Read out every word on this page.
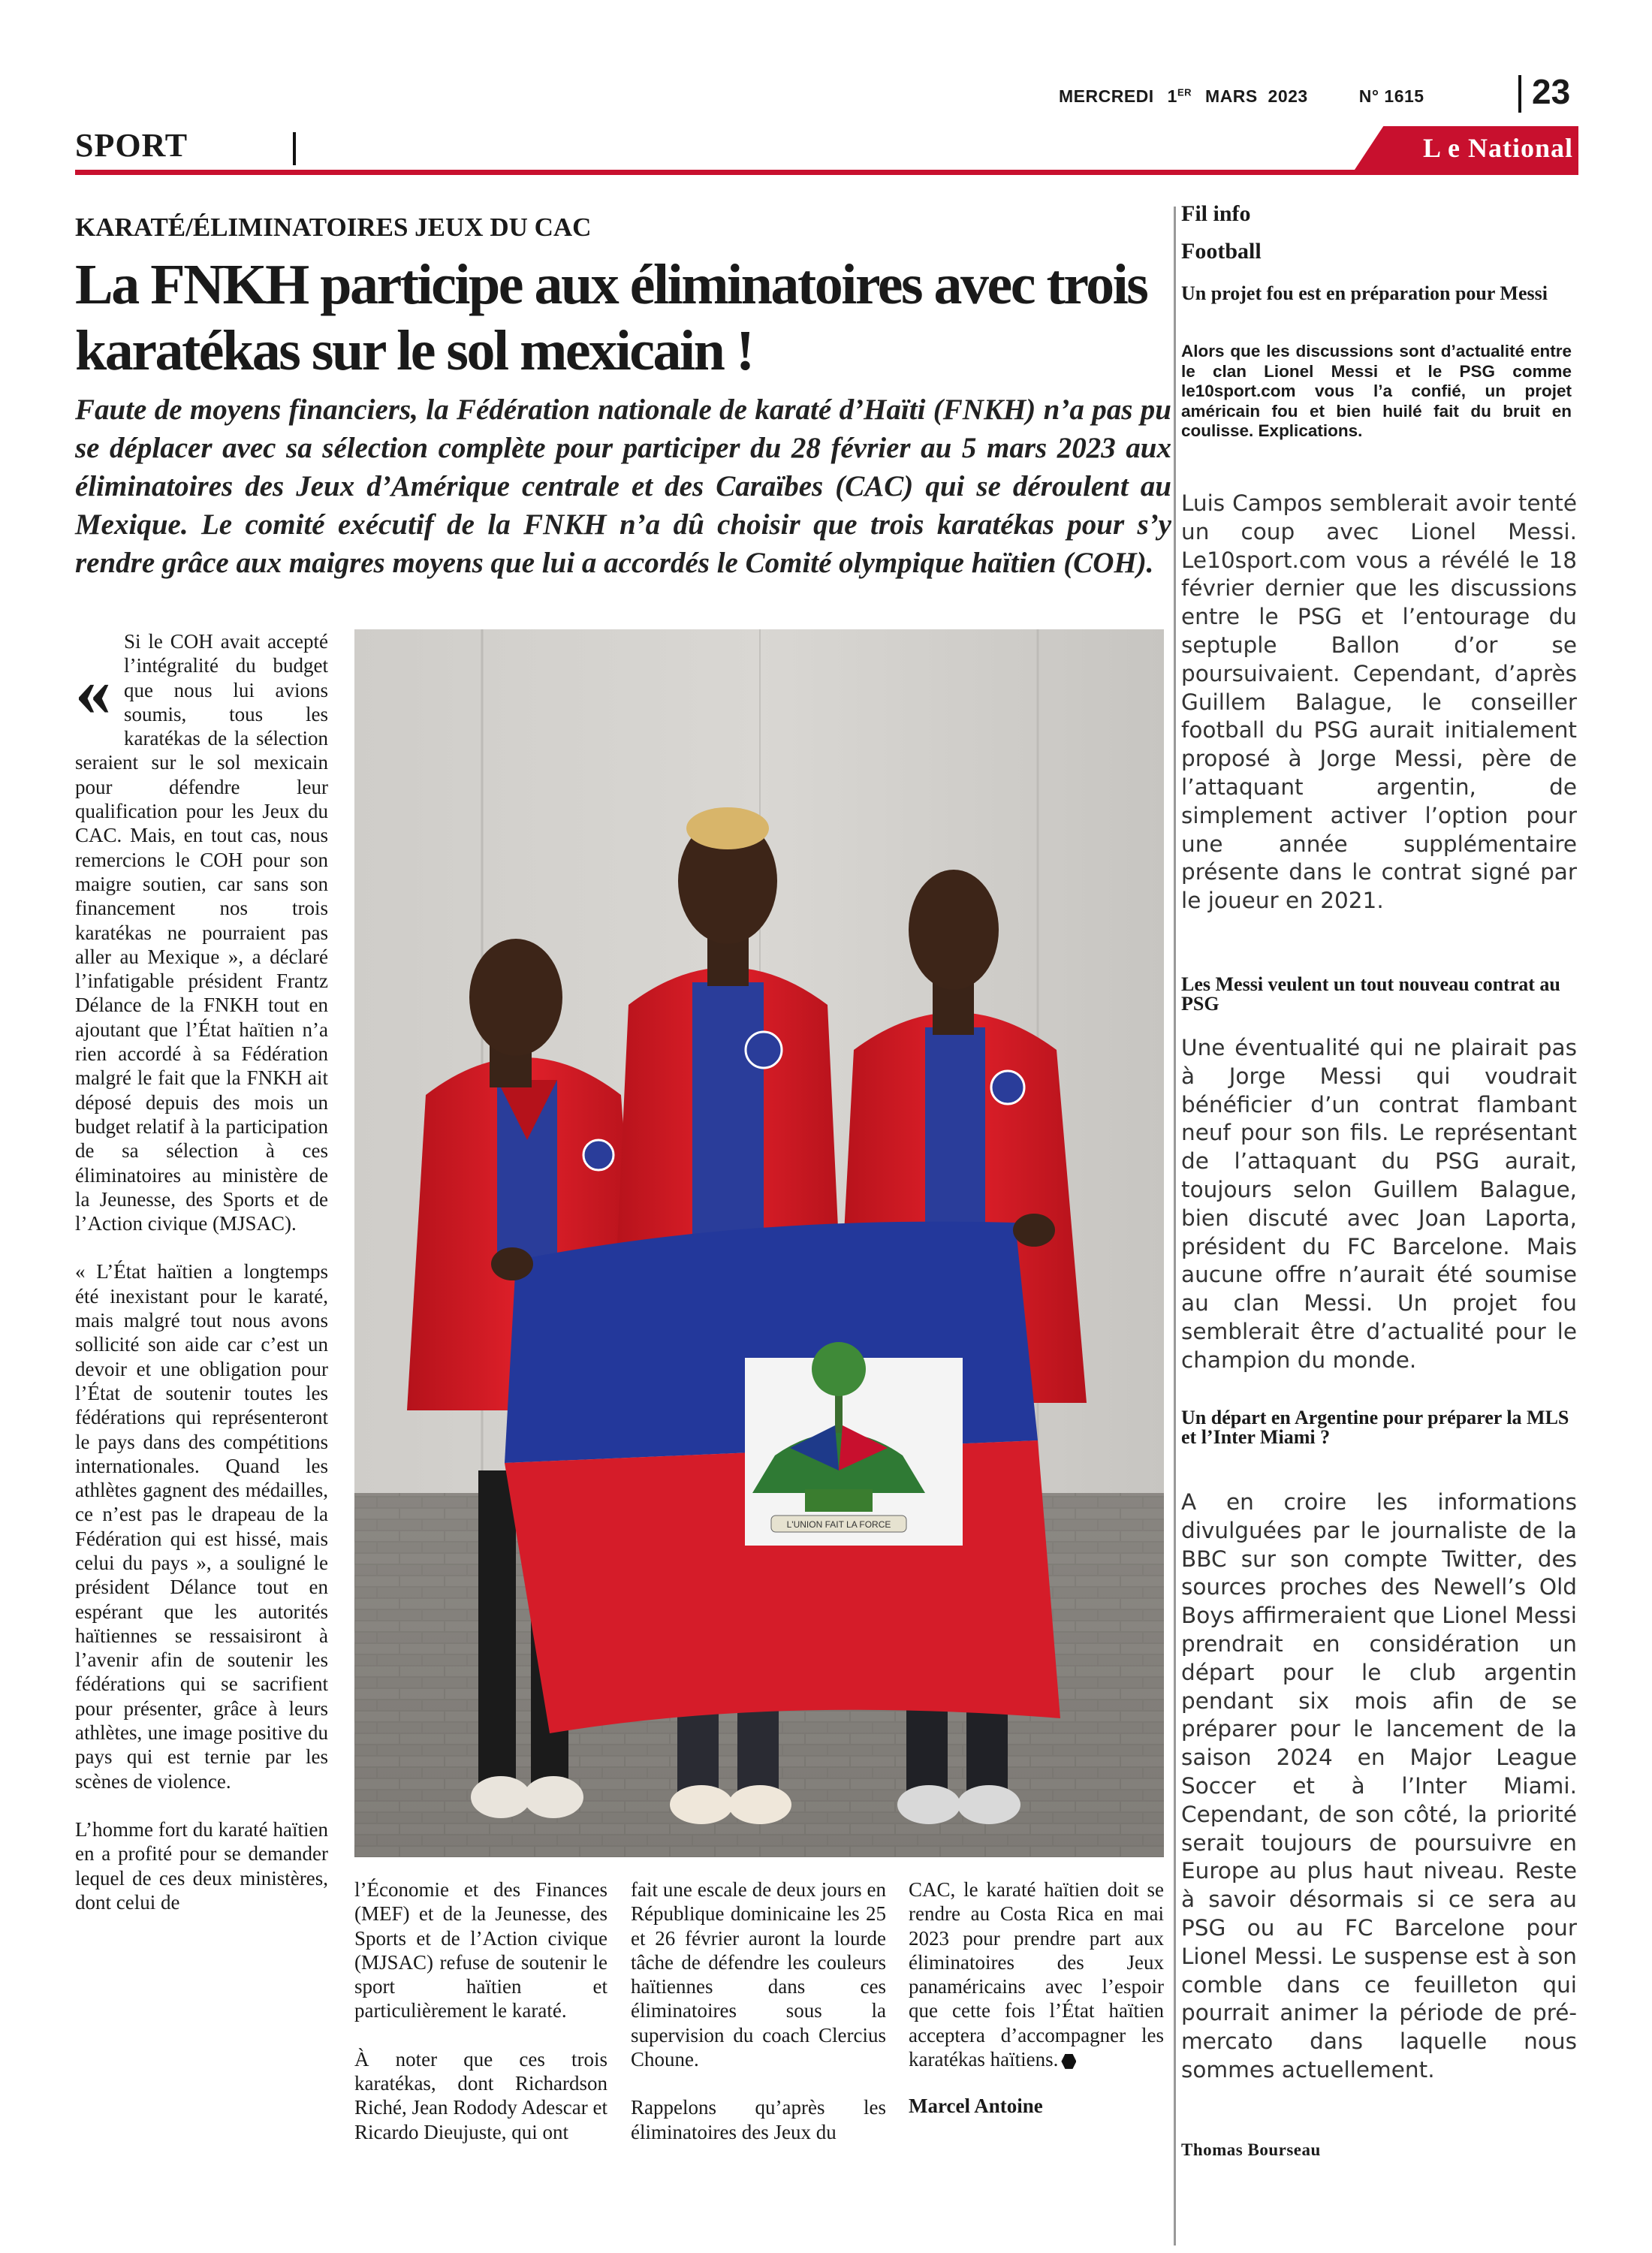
MERCREDI 1ER MARS  2023	N° 1615	23
SPORT	L e National
KARATÉ/ÉLIMINATOIRES JEUX DU CAC
La FNKH participe aux éliminatoires avec trois karatékas sur le sol mexicain !
Faute de moyens financiers, la Fédération nationale de karaté d’Haïti (FNKH) n’a pas pu se déplacer avec sa sélection complète pour participer du 28 février au 5 mars 2023 aux éliminatoires des Jeux d’Amérique centrale et des Caraïbes (CAC) qui se déroulent au Mexique. Le comité exécutif de la FNKH n’a dû choisir que trois karatékas pour s’y rendre grâce aux maigres moyens que lui a accordés le Comité olympique haïtien (COH).

Si le COH avait accepté l’intégralité du budget que nous lui avions soumis, tous les karatékas de la sélection seraient sur le sol mexicain pour défendre leur qualification pour les Jeux du CAC. Mais, en tout cas, nous remercions le COH pour son maigre soutien, car sans son financement nos trois karatékas ne pourraient pas aller au Mexique », a déclaré l’infatigable président Frantz Délance de la FNKH tout en ajoutant que l’État haïtien n’a rien accordé à sa Fédération malgré le fait que la FNKH ait déposé depuis des mois un budget relatif à la participation de sa sélection à ces éliminatoires au ministère de la Jeunesse, des Sports et de l’Action civique (MJSAC).

« L’État haïtien a longtemps été inexistant pour le karaté, mais malgré tout nous avons sollicité son aide car c’est un devoir et une obligation pour l’État de soutenir toutes les fédérations qui représenteront le pays dans des compétitions internationales. Quand les athlètes gagnent des médailles, ce n’est pas le drapeau de la Fédération qui est hissé, mais celui du pays », a souligné le président Délance tout en espérant que les autorités haïtiennes se ressaisiront à l’avenir afin de soutenir les fédérations qui se sacrifient pour présenter, grâce à leurs athlètes, une image positive du pays qui est ternie par les scènes de violence.

L’homme fort du karaté haïtien en a profité pour se demander lequel de ces deux ministères, dont celui de

«
L'UNION FAIT LA FORCE

l’Économie et des Finances (MEF) et de la Jeunesse, des Sports et de l’Action civique (MJSAC) refuse de soutenir le sport haïtien et particulièrement le karaté.

À noter que ces trois karatékas, dont Richardson Riché, Jean Rodody Adescar et Ricardo Dieujuste, qui ont

fait une escale de deux jours en République dominicaine les 25 et 26 février auront la lourde tâche de défendre les couleurs haïtiennes dans ces éliminatoires sous la supervision du coach Clercius Choune.

Rappelons qu’après les éliminatoires des Jeux du

CAC, le karaté haïtien doit se rendre au Costa Rica en mai 2023 pour prendre part aux éliminatoires des Jeux panaméricains avec l’espoir que cette fois l’État haïtien acceptera d’accompagner les karatékas haïtiens.

Marcel Antoine

Fil info
Football
Un projet fou est en préparation pour Messi
Alors que les discussions sont d’actualité entre le clan Lionel Messi et le PSG comme le10sport.com vous l’a confié, un projet américain fou et bien huilé fait du bruit en coulisse. Explications.
Luis Campos semblerait avoir tenté un coup avec Lionel Messi. Le10sport.com vous a révélé le 18 février dernier que les discussions entre le PSG et l’entourage du septuple Ballon d’or se poursuivaient. Cependant, d’après Guillem Balague, le conseiller football du PSG aurait initialement proposé à Jorge Messi, père de l’attaquant argentin, de simplement activer l’option pour une année supplémentaire présente dans le contrat signé par le joueur en 2021.
Les Messi veulent un tout nouveau contrat au PSG
Une éventualité qui ne plairait pas à Jorge Messi qui voudrait bénéficier d’un contrat flambant neuf pour son fils. Le représentant de l’attaquant du PSG aurait, toujours selon Guillem Balague, bien discuté avec Joan Laporta, président du FC Barcelone. Mais aucune offre n’aurait été soumise au clan Messi. Un projet fou semblerait être d’actualité pour le champion du monde.
Un départ en Argentine pour préparer la MLS et l’Inter Miami ?
A en croire les informations divulguées par le journaliste de la BBC sur son compte Twitter, des sources proches des Newell’s Old Boys affirmeraient que Lionel Messi prendrait en considération un départ pour le club argentin pendant six mois afin de se préparer pour le lancement de la saison 2024 en Major League Soccer et à l’Inter Miami. Cependant, de son côté, la priorité serait toujours de poursuivre en Europe au plus haut niveau. Reste à savoir désormais si ce sera au PSG ou au FC Barcelone pour Lionel Messi. Le suspense est à son comble dans ce feuilleton qui pourrait animer la période de pré-mercato dans laquelle nous sommes actuellement.
Thomas Bourseau
